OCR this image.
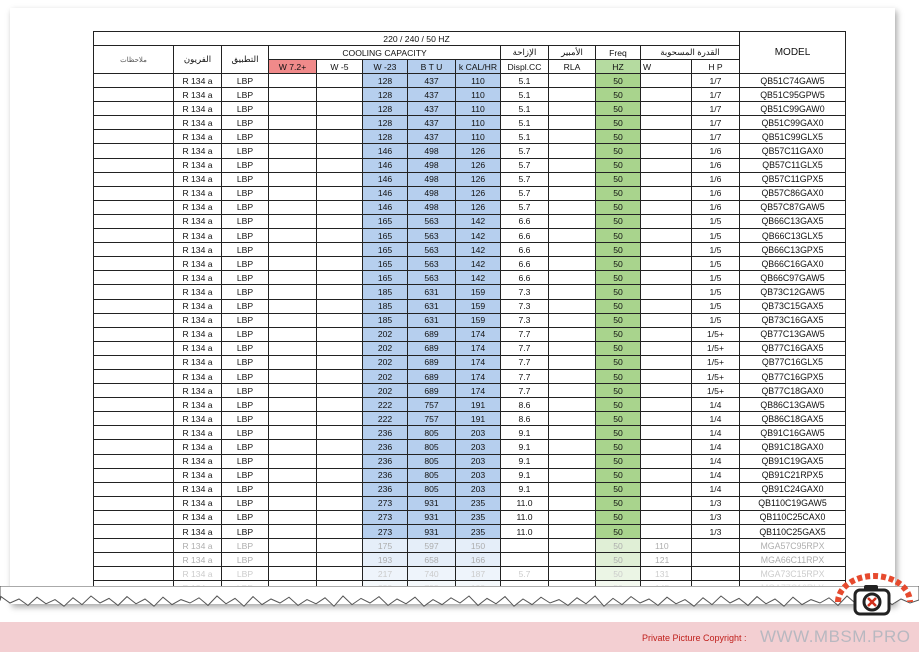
220 / 240 / 50 HZ													MODEL
ملاحظات	الفريون	التطبيق	COOLING CAPACITY					الإزاحة	الأمبير	Freq	القدرة المسحوبة		
			W 7.2+	W -5	W -23	B T U	k CAL/HR	Displ.CC	RLA	HZ	W	H P	
	R 134 a	LBP			128	437	110	5.1		50		1/7	QB51C74GAW5
	R 134 a	LBP			128	437	110	5.1		50		1/7	QB51C95GPW5
	R 134 a	LBP			128	437	110	5.1		50		1/7	QB51C99GAW0
	R 134 a	LBP			128	437	110	5.1		50		1/7	QB51C99GAX0
	R 134 a	LBP			128	437	110	5.1		50		1/7	QB51C99GLX5
	R 134 a	LBP			146	498	126	5.7		50		1/6	QB57C11GAX0
	R 134 a	LBP			146	498	126	5.7		50		1/6	QB57C11GLX5
	R 134 a	LBP			146	498	126	5.7		50		1/6	QB57C11GPX5
	R 134 a	LBP			146	498	126	5.7		50		1/6	QB57C86GAX0
	R 134 a	LBP			146	498	126	5.7		50		1/6	QB57C87GAW5
	R 134 a	LBP			165	563	142	6.6		50		1/5	QB66C13GAX5
	R 134 a	LBP			165	563	142	6.6		50		1/5	QB66C13GLX5
	R 134 a	LBP			165	563	142	6.6		50		1/5	QB66C13GPX5
	R 134 a	LBP			165	563	142	6.6		50		1/5	QB66C16GAX0
	R 134 a	LBP			165	563	142	6.6		50		1/5	QB66C97GAW5
	R 134 a	LBP			185	631	159	7.3		50		1/5	QB73C12GAW5
	R 134 a	LBP			185	631	159	7.3		50		1/5	QB73C15GAX5
	R 134 a	LBP			185	631	159	7.3		50		1/5	QB73C16GAX5
	R 134 a	LBP			202	689	174	7.7		50		1/5+	QB77C13GAW5
	R 134 a	LBP			202	689	174	7.7		50		1/5+	QB77C16GAX5
	R 134 a	LBP			202	689	174	7.7		50		1/5+	QB77C16GLX5
	R 134 a	LBP			202	689	174	7.7		50		1/5+	QB77C16GPX5
	R 134 a	LBP			202	689	174	7.7		50		1/5+	QB77C18GAX0
	R 134 a	LBP			222	757	191	8.6		50		1/4	QB86C13GAW5
	R 134 a	LBP			222	757	191	8.6		50		1/4	QB86C18GAX5
	R 134 a	LBP			236	805	203	9.1		50		1/4	QB91C16GAW5
	R 134 a	LBP			236	805	203	9.1		50		1/4	QB91C18GAX0
	R 134 a	LBP			236	805	203	9.1		50		1/4	QB91C19GAX5
	R 134 a	LBP			236	805	203	9.1		50		1/4	QB91C21RPX5
	R 134 a	LBP			236	805	203	9.1		50		1/4	QB91C24GAX0
	R 134 a	LBP			273	931	235	11.0		50		1/3	QB110C19GAW5
	R 134 a	LBP			273	931	235	11.0		50		1/3	QB110C25CAX0
	R 134 a	LBP			273	931	235	11.0		50		1/3	QB110C25GAX5
	R 134 a	LBP			175	597	150			50	110		MGA57C95RPX
	R 134 a	LBP			193	658	166			50	121		MGA66C11RPX
	R 134 a	LBP			217	740	187	5.7		50	131		MGA73C15RPX

Private Picture Copyright : WWW.MBSM.PRO
